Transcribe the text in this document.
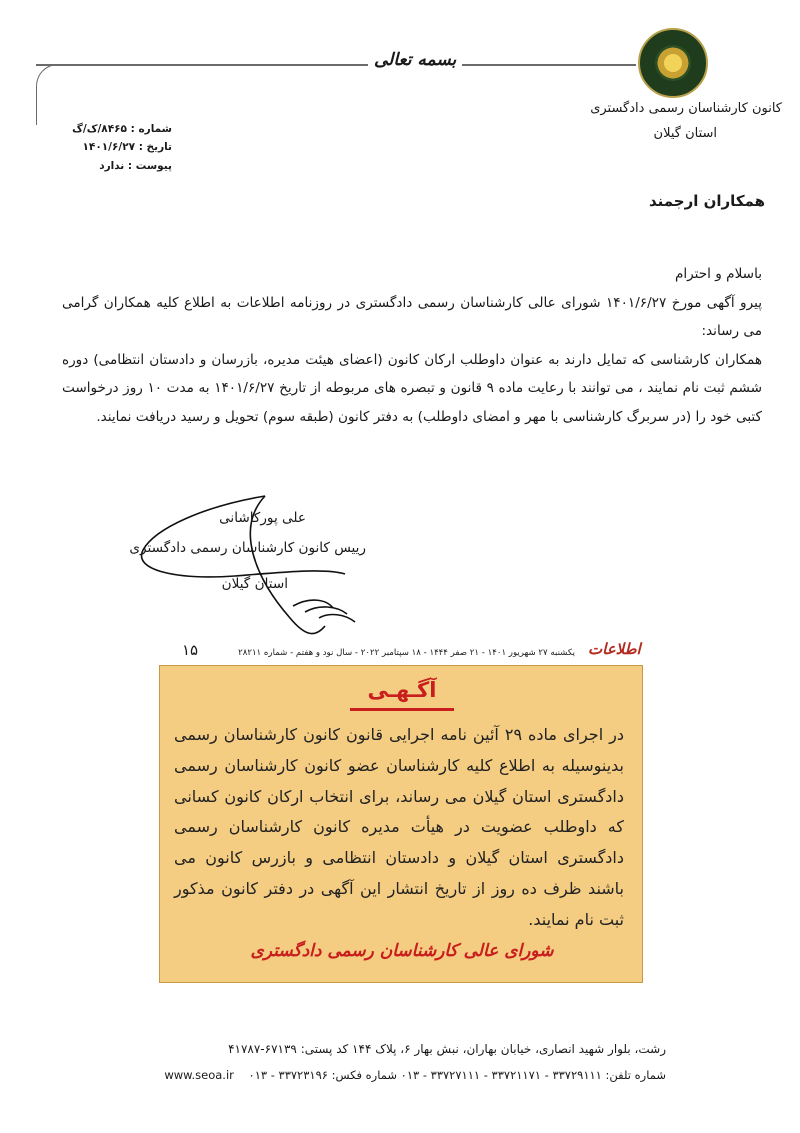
بسمه تعالی
کانون کارشناسان رسمی دادگستری
استان گیلان
شماره : ۸۴۶۵/ک/گ
تاریخ : ۱۴۰۱/۶/۲۷
پیوست : ندارد
همکاران ارجمند

باسلام و احترام

پیرو آگهی مورخ ۱۴۰۱/۶/۲۷ شورای عالی کارشناسان رسمی دادگستری در روزنامه اطلاعات به اطلاع کلیه همکاران گرامی می رساند:

همکاران کارشناسی که تمایل دارند به عنوان داوطلب ارکان کانون (اعضای هیئت مدیره، بازرسان و دادستان انتظامی) دوره ششم ثبت نام نمایند ، می توانند با رعایت ماده ۹ قانون و تبصره های مربوطه از تاریخ ۱۴۰۱/۶/۲۷ به مدت ۱۰ روز درخواست کتبی خود را (در سربرگ کارشناسی با مهر و امضای داوطلب) به دفتر کانون (طبقه سوم) تحویل و رسید دریافت نمایند.

علی پورکاشانی
رییس کانون کارشناسان رسمی دادگستری
استان گیلان
اطلاعات
یکشنبه ۲۷ شهریور ۱۴۰۱ - ۲۱ صفر ۱۴۴۴ - ۱۸ سپتامبر ۲۰۲۲ - سال نود و هفتم - شماره ۲۸۲۱۱
۱۵
آگـهـی
در اجرای ماده ۲۹ آئین نامه اجرایی قانون کانون کارشناسان رسمی بدینوسیله به اطلاع کلیه کارشناسان عضو کانون کارشناسان رسمی دادگستری استان گیلان می رساند، برای انتخاب ارکان کانون کسانی که داوطلب عضویت در هیأت مدیره کانون کارشناسان رسمی دادگستری استان گیلان و دادستان انتظامی و بازرس کانون می باشند ظرف ده روز از تاریخ انتشار این آگهی در دفتر کانون مذکور ثبت نام نمایند.
شورای عالی کارشناسان رسمی دادگستری
رشت، بلوار شهید انصاری، خیابان بهاران، نبش بهار ۶، پلاک ۱۴۴ کد پستی: ۶۷۱۳۹-۴۱۷۸۷
شماره تلفن: ۳۳۷۲۹۱۱۱ - ۳۳۷۲۱۱۷۱ - ۳۳۷۲۷۱۱۱ - ۰۱۳ شماره فکس: ۳۳۷۲۳۱۹۶ - ۰۱۳    www.seoa.ir
